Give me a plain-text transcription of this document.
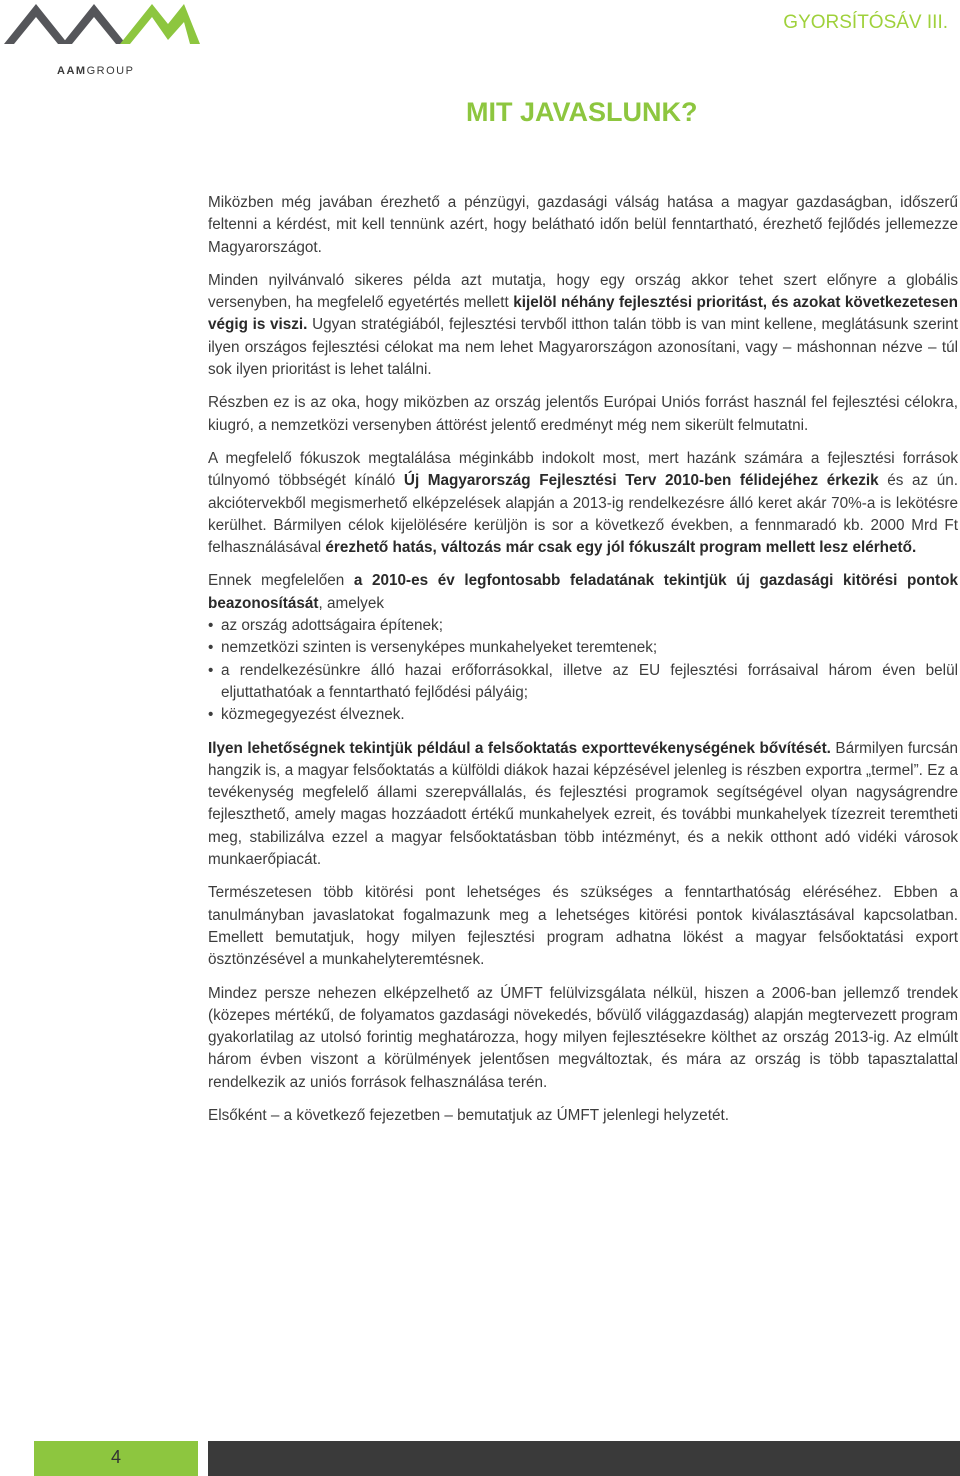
AAMGROUP
GYORSÍTÓSÁV III.
MIT JAVASLUNK?

Miközben még javában érezhető a pénzügyi, gazdasági válság hatása a magyar gazdaságban, időszerű feltenni a kérdést, mit kell tennünk azért, hogy belátható időn belül fenntartható, érezhető fejlődés jellemezze Magyarországot.

Minden nyilvánvaló sikeres példa azt mutatja, hogy egy ország akkor tehet szert előnyre a globális versenyben, ha megfelelő egyetértés mellett kijelöl néhány fejlesztési prioritást, és azokat következetesen végig is viszi. Ugyan stratégiából, fejlesztési tervből itthon talán több is van mint kellene, meglátásunk szerint ilyen országos fejlesztési célokat ma nem lehet Magyarországon azonosítani, vagy – máshonnan nézve – túl sok ilyen prioritást is lehet találni.

Részben ez is az oka, hogy miközben az ország jelentős Európai Uniós forrást használ fel fejlesztési célokra, kiugró, a nemzetközi versenyben áttörést jelentő eredményt még nem sikerült felmutatni.

A megfelelő fókuszok megtalálása méginkább indokolt most, mert hazánk számára a fejlesztési források túlnyomó többségét kínáló Új Magyarország Fejlesztési Terv 2010-ben félidejéhez érkezik és az ún. akciótervekből megismerhető elképzelések alapján a 2013-ig rendelkezésre álló keret akár 70%-a is lekötésre kerülhet. Bármilyen célok kijelölésére kerüljön is sor a következő években, a fennmaradó kb. 2000 Mrd Ft felhasználásával érezhető hatás, változás már csak egy jól fókuszált program mellett lesz elérhető.

Ennek megfelelően a 2010-es év legfontosabb feladatának tekintjük új gazdasági kitörési pontok beazonosítását, amelyek

• az ország adottságaira építenek;
• nemzetközi szinten is versenyképes munkahelyeket teremtenek;
• a rendelkezésünkre álló hazai erőforrásokkal, illetve az EU fejlesztési forrásaival három éven belül eljuttathatóak a fenntartható fejlődési pályáig;
• közmegegyezést élveznek.

Ilyen lehetőségnek tekintjük például a felsőoktatás exporttevékenységének bővítését. Bármilyen furcsán hangzik is, a magyar felsőoktatás a külföldi diákok hazai képzésével jelenleg is részben exportra „termel”. Ez a tevékenység megfelelő állami szerepvállalás, és fejlesztési programok segítségével olyan nagyságrendre fejleszthető, amely magas hozzáadott értékű munkahelyek ezreit, és további munkahelyek tízezreit teremtheti meg, stabilizálva ezzel a magyar felsőoktatásban több intézményt, és a nekik otthont adó vidéki városok munkaerőpiacát.

Természetesen több kitörési pont lehetséges és szükséges a fenntarthatóság eléréséhez. Ebben a tanulmányban javaslatokat fogalmazunk meg a lehetséges kitörési pontok kiválasztásával kapcsolatban. Emellett bemutatjuk, hogy milyen fejlesztési program adhatna lökést a magyar felsőoktatási export ösztönzésével a munkahelyteremtésnek.

Mindez persze nehezen elképzelhető az ÚMFT felülvizsgálata nélkül, hiszen a 2006-ban jellemző trendek (közepes mértékű, de folyamatos gazdasági növekedés, bővülő világgazdaság) alapján megtervezett program gyakorlatilag az utolsó forintig meghatározza, hogy milyen fejlesztésekre költhet az ország 2013-ig. Az elmúlt három évben viszont a körülmények jelentősen megváltoztak, és mára az ország is több tapasztalattal rendelkezik az uniós források felhasználása terén.

Elsőként – a következő fejezetben – bemutatjuk az ÚMFT jelenlegi helyzetét.

4
